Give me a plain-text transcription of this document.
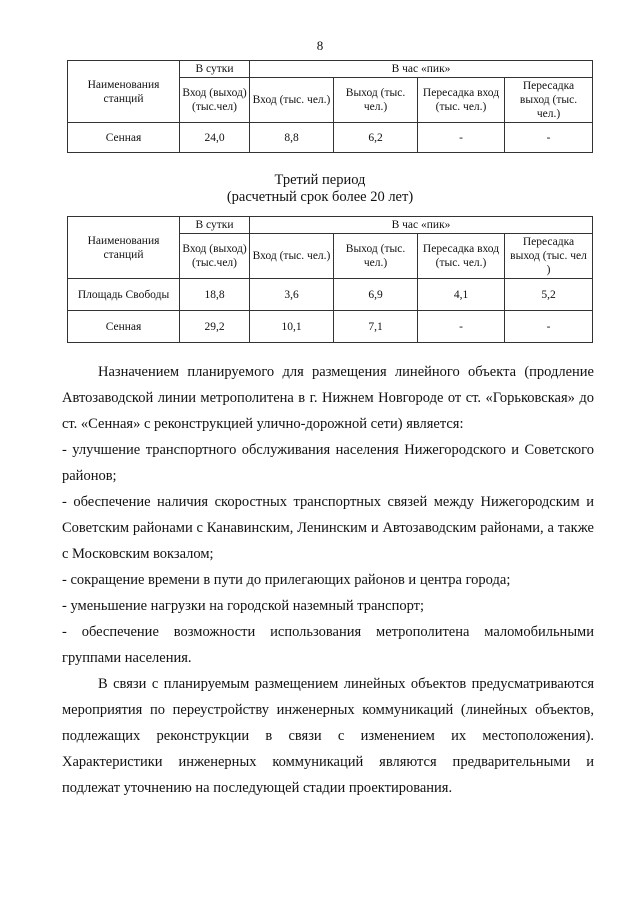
8
Наименования станций	В сутки	В час «пик»			
	Вход (выход) (тыс.чел)	Вход (тыс. чел.)	Выход (тыс. чел.)	Пересадка вход (тыс. чел.)	Пересадка выход (тыс. чел.)
Сенная	24,0	8,8	6,2	-	-
Третий период
(расчетный срок более 20 лет)
Наименования станций	В сутки	В час «пик»			
	Вход (выход) (тыс.чел)	Вход (тыс. чел.)	Выход (тыс. чел.)	Пересадка вход (тыс. чел.)	Пересадка выход (тыс. чел )
Площадь Свободы	18,8	3,6	6,9	4,1	5,2
Сенная	29,2	10,1	7,1	-	-

Назначением планируемого для размещения линейного объекта (продление Автозаводской линии метрополитена в г. Нижнем Новгороде от ст. «Горьковская» до ст. «Сенная» с реконструкцией улично-дорожной сети) является:

- улучшение транспортного обслуживания населения Нижегородского и Советского районов;

- обеспечение наличия скоростных транспортных связей между Нижегородским и Советским районами с Канавинским, Ленинским и Автозаводским районами, а также с Московским вокзалом;

- сокращение времени в пути до прилегающих районов и центра города;

- уменьшение нагрузки на городской наземный транспорт;

- обеспечение возможности использования метрополитена маломобильными группами населения.

В связи с планируемым размещением линейных объектов предусматриваются мероприятия по переустройству инженерных коммуникаций (линейных объектов, подлежащих реконструкции в связи с изменением их местоположения). Характеристики инженерных коммуникаций являются предварительными и подлежат уточнению на последующей стадии проектирования.
